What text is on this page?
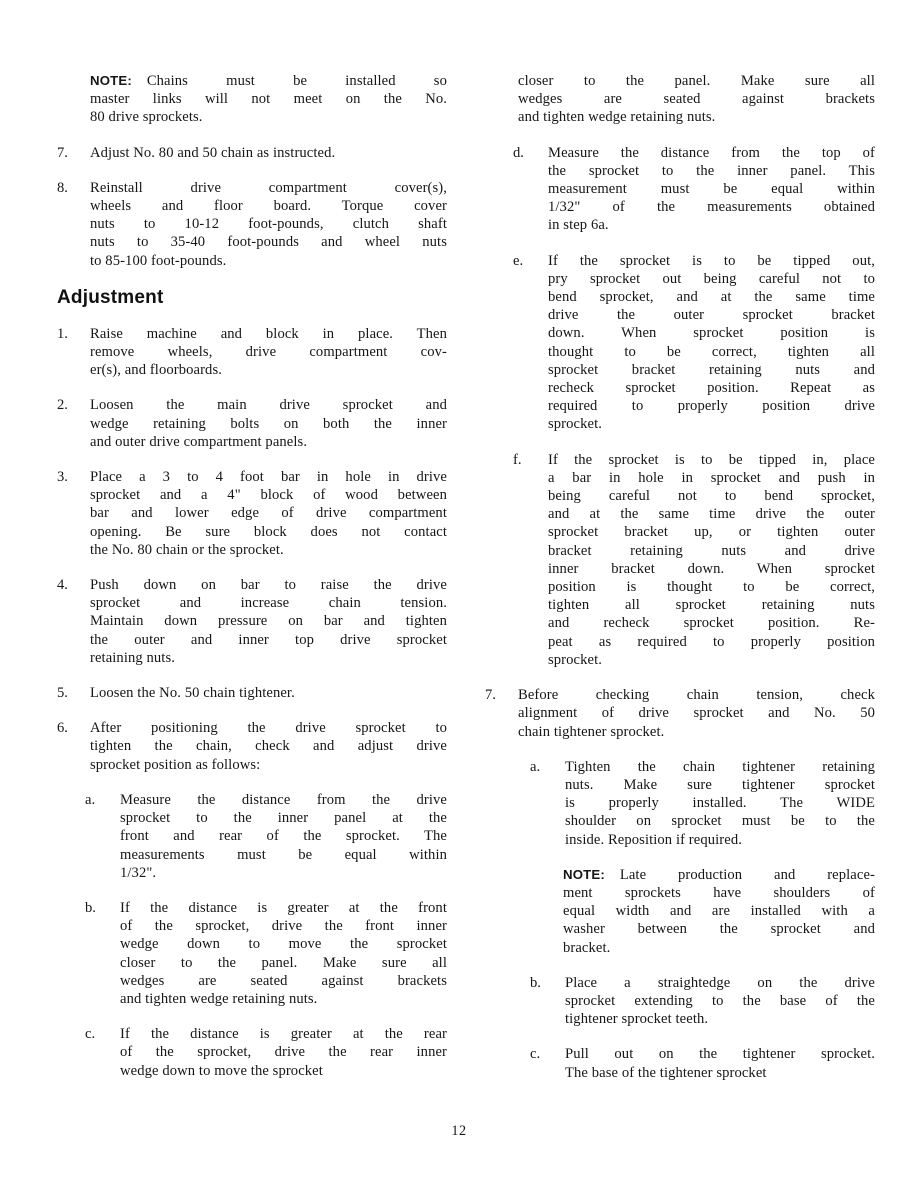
NOTE:  Chains must be installed so
master links will not meet on the No.
80 drive sprockets.
7.	Adjust No. 80 and 50 chain as instructed.
8.	Reinstall drive compartment cover(s),
wheels and floor board. Torque cover
nuts to 10-12 foot-pounds, clutch shaft
nuts to 35-40 foot-pounds and wheel nuts
to 85-100 foot-pounds.
Adjustment
1.	Raise machine and block in place. Then
remove wheels, drive compartment cov-
er(s), and floorboards.
2.	Loosen the main drive sprocket and
wedge retaining bolts on both the inner
and outer drive compartment panels.
3.	Place a 3 to 4 foot bar in hole in drive
sprocket and a 4" block of wood between
bar and lower edge of drive compartment
opening. Be sure block does not contact
the No. 80 chain or the sprocket.
4.	Push down on bar to raise the drive
sprocket and increase chain tension.
Maintain down pressure on bar and tighten
the outer and inner top drive sprocket
retaining nuts.
5.	Loosen the No. 50 chain tightener.
6.	After positioning the drive sprocket to
tighten the chain, check and adjust drive
sprocket position as follows:
a.	Measure the distance from the drive
sprocket to the inner panel at the
front and rear of the sprocket. The
measurements must be equal within
1/32".
b.	If the distance is greater at the front
of the sprocket, drive the front inner
wedge down to move the sprocket
closer to the panel. Make sure all
wedges are seated against brackets
and tighten wedge retaining nuts.
c.	If the distance is greater at the rear
of the sprocket, drive the rear inner
wedge down to move the sprocket
closer to the panel. Make sure all
wedges are seated against brackets
and tighten wedge retaining nuts.
d.	Measure the distance from the top of
the sprocket to the inner panel. This
measurement must be equal within
1/32" of the measurements obtained
in step 6a.
e.	If the sprocket is to be tipped out,
pry sprocket out being careful not to
bend sprocket, and at the same time
drive the outer sprocket bracket
down. When sprocket position is
thought to be correct, tighten all
sprocket bracket retaining nuts and
recheck sprocket position. Repeat as
required to properly position drive
sprocket.
f.	If the sprocket is to be tipped in, place
a bar in hole in sprocket and push in
being careful not to bend sprocket,
and at the same time drive the outer
sprocket bracket up, or tighten outer
bracket retaining nuts and drive
inner bracket down. When sprocket
position is thought to be correct,
tighten all sprocket retaining nuts
and recheck sprocket position. Re-
peat as required to properly position
sprocket.
7.	Before checking chain tension, check
alignment of drive sprocket and No. 50
chain tightener sprocket.
a.	Tighten the chain tightener retaining
nuts. Make sure tightener sprocket
is properly installed. The WIDE
shoulder on sprocket must be to the
inside. Reposition if required.
NOTE:  Late production and replace-
ment sprockets have shoulders of
equal width and are installed with a
washer between the sprocket and
bracket.
b.	Place a straightedge on the drive
sprocket extending to the base of the
tightener sprocket teeth.
c.	Pull out on the tightener sprocket.
The base of the tightener sprocket
12
